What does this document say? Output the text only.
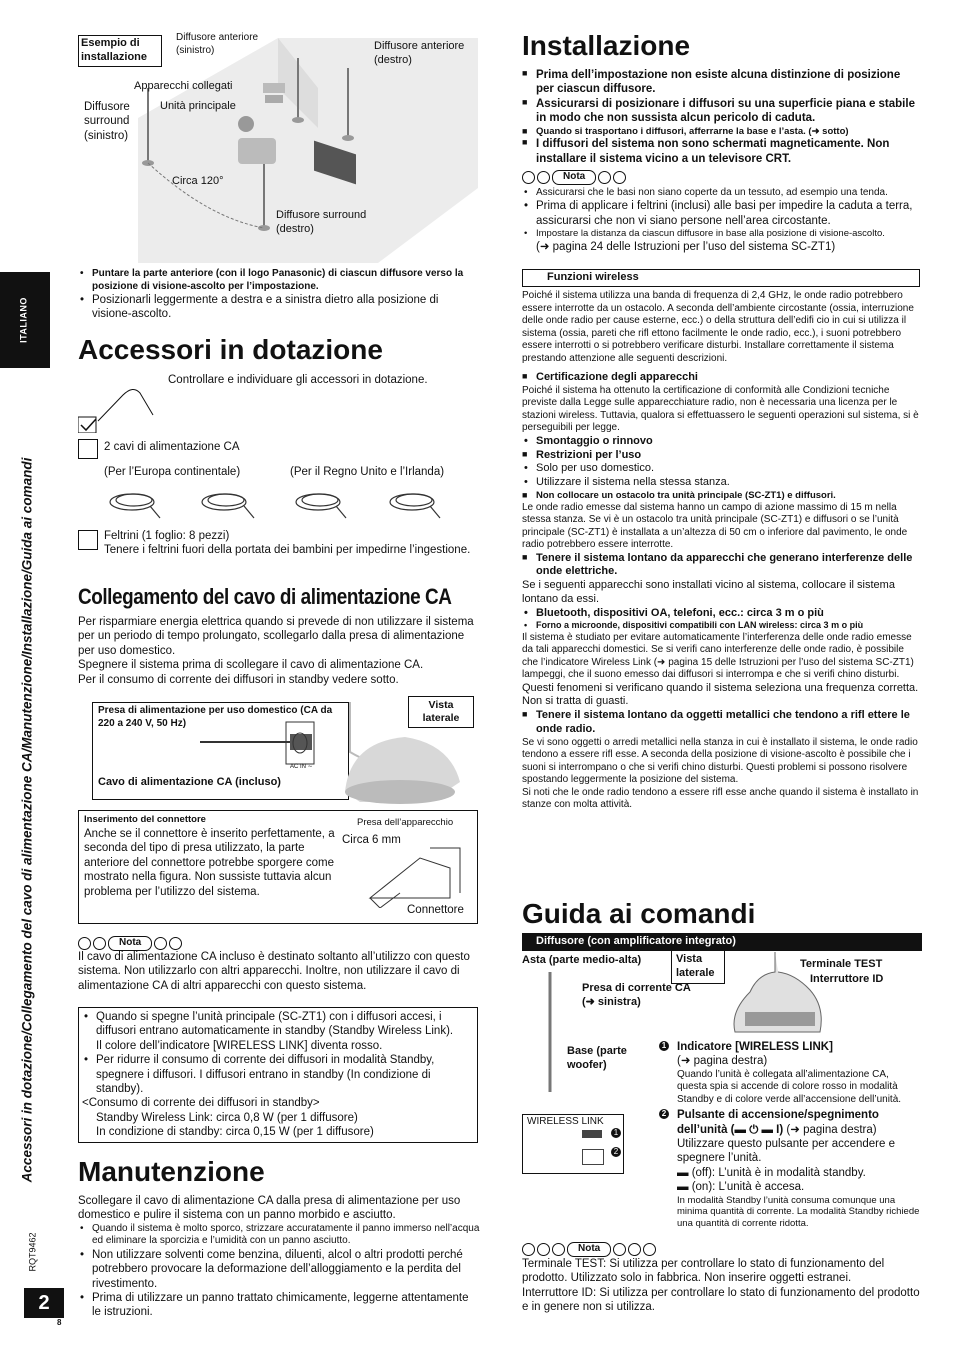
ITALIANO
Accessori in dotazione/Collegamento del cavo di alimentazione CA/Manutenzione/Installazione/Guida ai comandi
RQT9462
2
8
Esempio di installazione
Diffusore anteriore (sinistro)	Diffusore anteriore (destro)
Apparecchi collegati
Unità principale
Diffusore surround (sinistro)
Circa 120°
Diffusore surround (destro)

• Puntare la parte anteriore (con il logo Panasonic) di ciascun diffusore verso la posizione di visione-ascolto per l’impostazione.

• Posizionarli leggermente a destra e a sinistra dietro alla posizione di visione-ascolto.

Accessori in dotazione
Controllare e individuare gli accessori in dotazione.
2 cavi di alimentazione CA
(Per l’Europa continentale)	(Per il Regno Unito e l’Irlanda)

Feltrini (1 foglio: 8 pezzi)

Tenere i feltrini fuori della portata dei bambini per impedirne l’ingestione.

Collegamento del cavo di alimentazione CA

Per risparmiare energia elettrica quando si prevede di non utilizzare il sistema per un periodo di tempo prolungato, scollegarlo dalla presa di alimentazione per uso domestico.

Spegnere il sistema prima di scollegare il cavo di alimentazione CA.

Per il consumo di corrente dei diffusori in standby vedere sotto.

Presa di alimentazione per uso domestico (CA da 220 a 240 V, 50 Hz)
AC IN ∼
Vista laterale
Cavo di alimentazione CA (incluso)
Inserimento del connettore
Anche se il connettore è inserito perfettamente, a seconda del tipo di presa utilizzato, la parte anteriore del connettore potrebbe sporgere come mostrato nella figura. Non sussiste tuttavia alcun problema per l’utilizzo del sistema.
Presa dell’apparecchio
Circa 6 mm
Connettore
Nota
Il cavo di alimentazione CA incluso è destinato soltanto all’utilizzo con questo sistema. Non utilizzarlo con altri apparecchi. Inoltre, non utilizzare il cavo di alimentazione CA di altri apparecchi con questo sistema.

• Quando si spegne l’unità principale (SC-ZT1) con i diffusori accesi, i diffusori entrano automaticamente in standby (Standby Wireless Link). Il colore dell’indicatore [WIRELESS LINK] diventa rosso.

• Per ridurre il consumo di corrente dei diffusori in modalità Standby, spegnere i diffusori. I diffusori entrano in standby (In condizione di standby).

<Consumo di corrente dei diffusori in standby>

Standby Wireless Link: circa 0,8 W (per 1 diffusore)

In condizione di standby: circa 0,15 W (per 1 diffusore)

Manutenzione

Scollegare il cavo di alimentazione CA dalla presa di alimentazione per uso domestico e pulire il sistema con un panno morbido e asciutto.

• Quando il sistema è molto sporco, strizzare accuratamente il panno immerso nell’acqua ed eliminare la sporcizia e l’umidità con un panno asciutto.

• Non utilizzare solventi come benzina, diluenti, alcol o altri prodotti perché potrebbero provocare la deformazione dell’alloggiamento e la perdita del rivestimento.

• Prima di utilizzare un panno trattato chimicamente, leggerne attentamente le istruzioni.

Installazione

■ Prima dell’impostazione non esiste alcuna distinzione di posizione per ciascun diffusore.

■ Assicurarsi di posizionare i diffusori su una superficie piana e stabile in modo che non sussista alcun pericolo di caduta.

■ Quando si trasportano i diffusori, afferrarne la base e l’asta. (➜ sotto)

■ I diffusori del sistema non sono schermati magneticamente. Non installare il sistema vicino a un televisore CRT.

Nota

• Assicurarsi che le basi non siano coperte da un tessuto, ad esempio una tenda.

• Prima di applicare i feltrini (inclusi) alle basi per impedire la caduta a terra, assicurarsi che non vi siano persone nell’area circostante.

• Impostare la distanza da ciascun diffusore in base alla posizione di visione-ascolto.

(➜ pagina 24 delle Istruzioni per l’uso del sistema SC-ZT1)

Funzioni wireless

Poiché il sistema utilizza una banda di frequenza di 2,4 GHz, le onde radio potrebbero essere interrotte da un ostacolo. A seconda dell’ambiente circostante (ossia, interruzione delle onde radio per cause esterne, ecc.) o della struttura dell’edifi cio in cui si utilizza il sistema (ossia, pareti che rifl ettono facilmente le onde radio, ecc.), i suoni potrebbero essere interrotti o si potrebbero verificare disturbi. Installare correttamente il sistema prestando attenzione alle seguenti descrizioni.

■ Certificazione degli apparecchi

Poiché il sistema ha ottenuto la certificazione di conformità alle Condizioni tecniche previste dalla Legge sulle apparecchiature radio, non è necessaria una licenza per le stazioni wireless. Tuttavia, qualora si effettuassero le seguenti operazioni sul sistema, si è perseguibili per legge.

• Smontaggio o rinnovo

■ Restrizioni per l’uso

• Solo per uso domestico.

• Utilizzare il sistema nella stessa stanza.

■ Non collocare un ostacolo tra unità principale (SC-ZT1) e diffusori.

Le onde radio emesse dal sistema hanno un campo di azione massimo di 15 m nella stessa stanza. Se vi è un ostacolo tra unità principale (SC-ZT1) e diffusori o se l’unità principale (SC-ZT1) è installata a un’altezza di 50 cm o inferiore dal pavimento, le onde radio potrebbero essere interrotte.

■ Tenere il sistema lontano da apparecchi che generano interferenze delle onde elettriche.

Se i seguenti apparecchi sono installati vicino al sistema, collocare il sistema lontano da essi.

• Bluetooth, dispositivi OA, telefoni, ecc.: circa 3 m o più

• Forno a microonde, dispositivi compatibili con LAN wireless: circa 3 m o più

Il sistema è studiato per evitare automaticamente l’interferenza delle onde radio emesse da tali apparecchi domestici. Se si verifi cano interferenze delle onde radio, è possibile che l’indicatore Wireless Link (➜ pagina 15 delle Istruzioni per l’uso del sistema SC-ZT1) lampeggi, che il suono emesso dai diffusori si interrompa e che si verifi chino disturbi.

Questi fenomeni si verificano quando il sistema seleziona una frequenza corretta. Non si tratta di guasti.

■ Tenere il sistema lontano da oggetti metallici che tendono a rifl ettere le onde radio.

Se vi sono oggetti o arredi metallici nella stanza in cui è installato il sistema, le onde radio tendono a essere rifl esse. A seconda della posizione di visione-ascolto è possibile che i suoni si interrompano o che si verifi chino disturbi. Questi problemi si possono risolvere spostando leggermente la posizione del sistema.

Si noti che le onde radio tendono a essere rifl esse anche quando il sistema è installato in stanze con molta attività.

Guida ai comandi
Diffusore (con amplificatore integrato)
Asta (parte medio-alta)	Vista laterale
Terminale TEST
Interruttore ID
Presa di corrente CA (➜ sinistra)
Base (parte woofer)
WIRELESS LINK
1
2

1 Indicatore [WIRELESS LINK]

(➜ pagina destra)

Quando l’unità è collegata all’alimentazione CA, questa spia si accende di colore rosso in modalità Standby e di colore verde all’accensione dell’unità.

2 Pulsante di accensione/spegnimento dell’unità (▬ ⏻ ▬ I) (➜ pagina destra)

Utilizzare questo pulsante per accendere e spegnere l’unità.

▬ (off): L’unità è in modalità standby.

▬ (on): L’unità è accesa.

In modalità Standby l’unità consuma comunque una minima quantità di corrente. La modalità Standby richiede una quantità di corrente ridotta.

Nota

Terminale TEST: Si utilizza per controllare lo stato di funzionamento del prodotto. Utilizzato solo in fabbrica. Non inserire oggetti estranei.

Interruttore ID: Si utilizza per controllare lo stato di funzionamento del prodotto e in genere non si utilizza.
